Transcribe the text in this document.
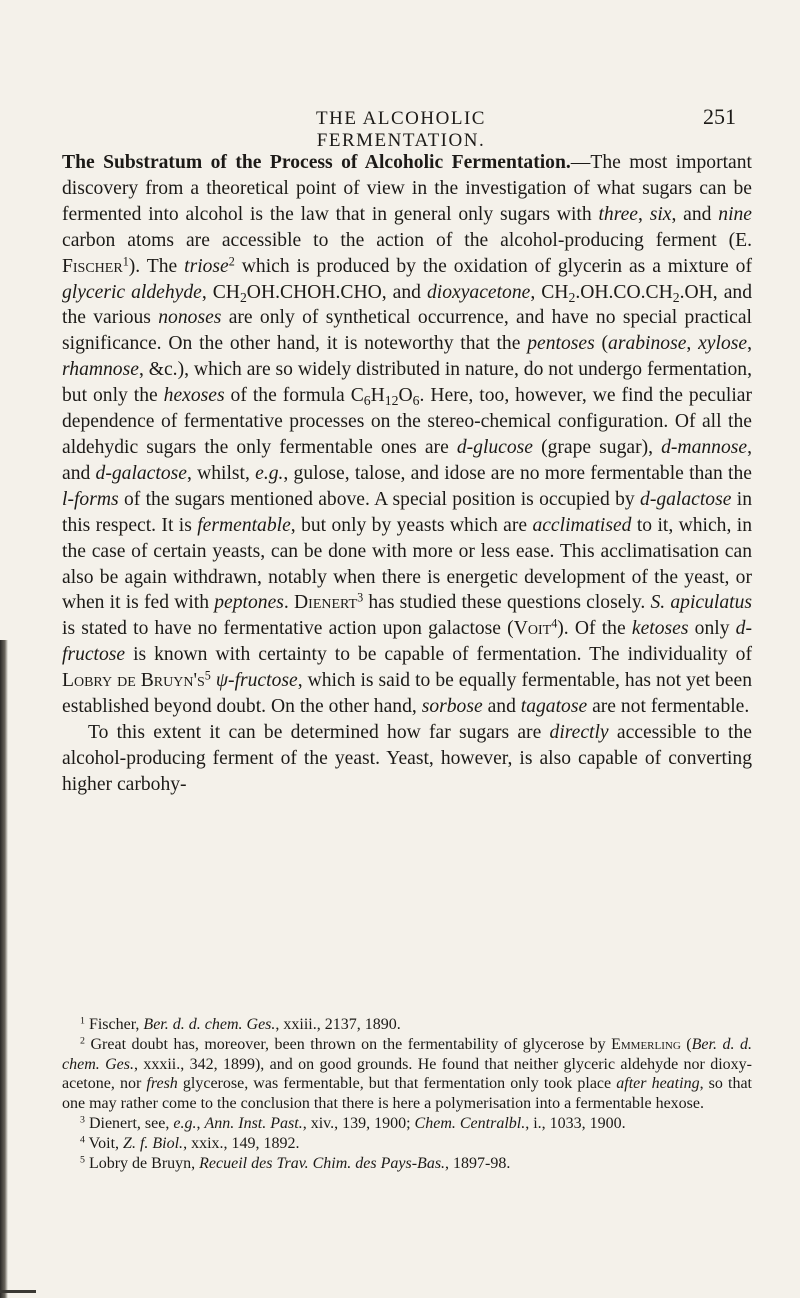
THE ALCOHOLIC FERMENTATION.
251

The Substratum of the Process of Alcoholic Fermentation.—The most important discovery from a theoretical point of view in the investigation of what sugars can be fermented into alcohol is the law that in general only sugars with three, six, and nine carbon atoms are accessible to the action of the alcohol-producing ferment (E. Fischer$^1$). The triose$^2$ which is produced by the oxidation of glycerin as a mixture of glyceric aldehyde, $CH_2OH.CHOH.CHO$, and dioxyacetone, $CH_2.OH.CO.CH_2.OH$, and the various nonoses are only of synthetical occurrence, and have no special practical significance. On the other hand, it is noteworthy that the pentoses (arabinose, xylose, rhamnose, &c.), which are so widely distributed in nature, do not undergo fermentation, but only the hexoses of the formula $C_6H_{12}O_6$. Here, too, however, we find the peculiar dependence of fermentative processes on the stereo-chemical configuration. Of all the aldehydic sugars the only fermentable ones are d-glucose (grape sugar), d-mannose, and d-galactose, whilst, e.g., gulose, talose, and idose are no more fermentable than the l-forms of the sugars mentioned above. A special position is occupied by d-galactose in this respect. It is fermentable, but only by yeasts which are acclimatised to it, which, in the case of certain yeasts, can be done with more or less ease. This acclimatisation can also be again withdrawn, notably when there is energetic development of the yeast, or when it is fed with peptones. Dienert$^3$ has studied these questions closely. S. apiculatus is stated to have no fermentative action upon galactose (Voit$^4$). Of the ketoses only d-fructose is known with certainty to be capable of fermentation. The individuality of Lobry de $Bruyn's^5$ ψ-fructose, which is said to be equally fermentable, has not yet been established beyond doubt. On the other hand, sorbose and tagatose are not fermentable.

To this extent it can be determined how far sugars are directly accessible to the alcohol-producing ferment of the yeast. Yeast, however, is also capable of converting higher carbohy-

$^1$ Fischer, Ber. d. d. chem. Ges., xxiii., 2137, 1890.

$^2$ Great doubt has, moreover, been thrown on the fermentability of glycerose by Emmerling (Ber. d. d. chem. Ges., xxxii., 342, 1899), and on good grounds. He found that neither glyceric aldehyde nor dioxy-acetone, nor fresh glycerose, was fermentable, but that fermentation only took place after heating, so that one may rather come to the conclusion that there is here a polymerisation into a fermentable hexose.

$^3$ Dienert, see, e.g., Ann. Inst. Past., xiv., 139, 1900; Chem. Centralbl., i., 1033, 1900.

$^4$ Voit, Z. f. Biol., xxix., 149, 1892.

$^5$ Lobry de Bruyn, Recueil des Trav. Chim. des Pays-Bas., 1897-98.
